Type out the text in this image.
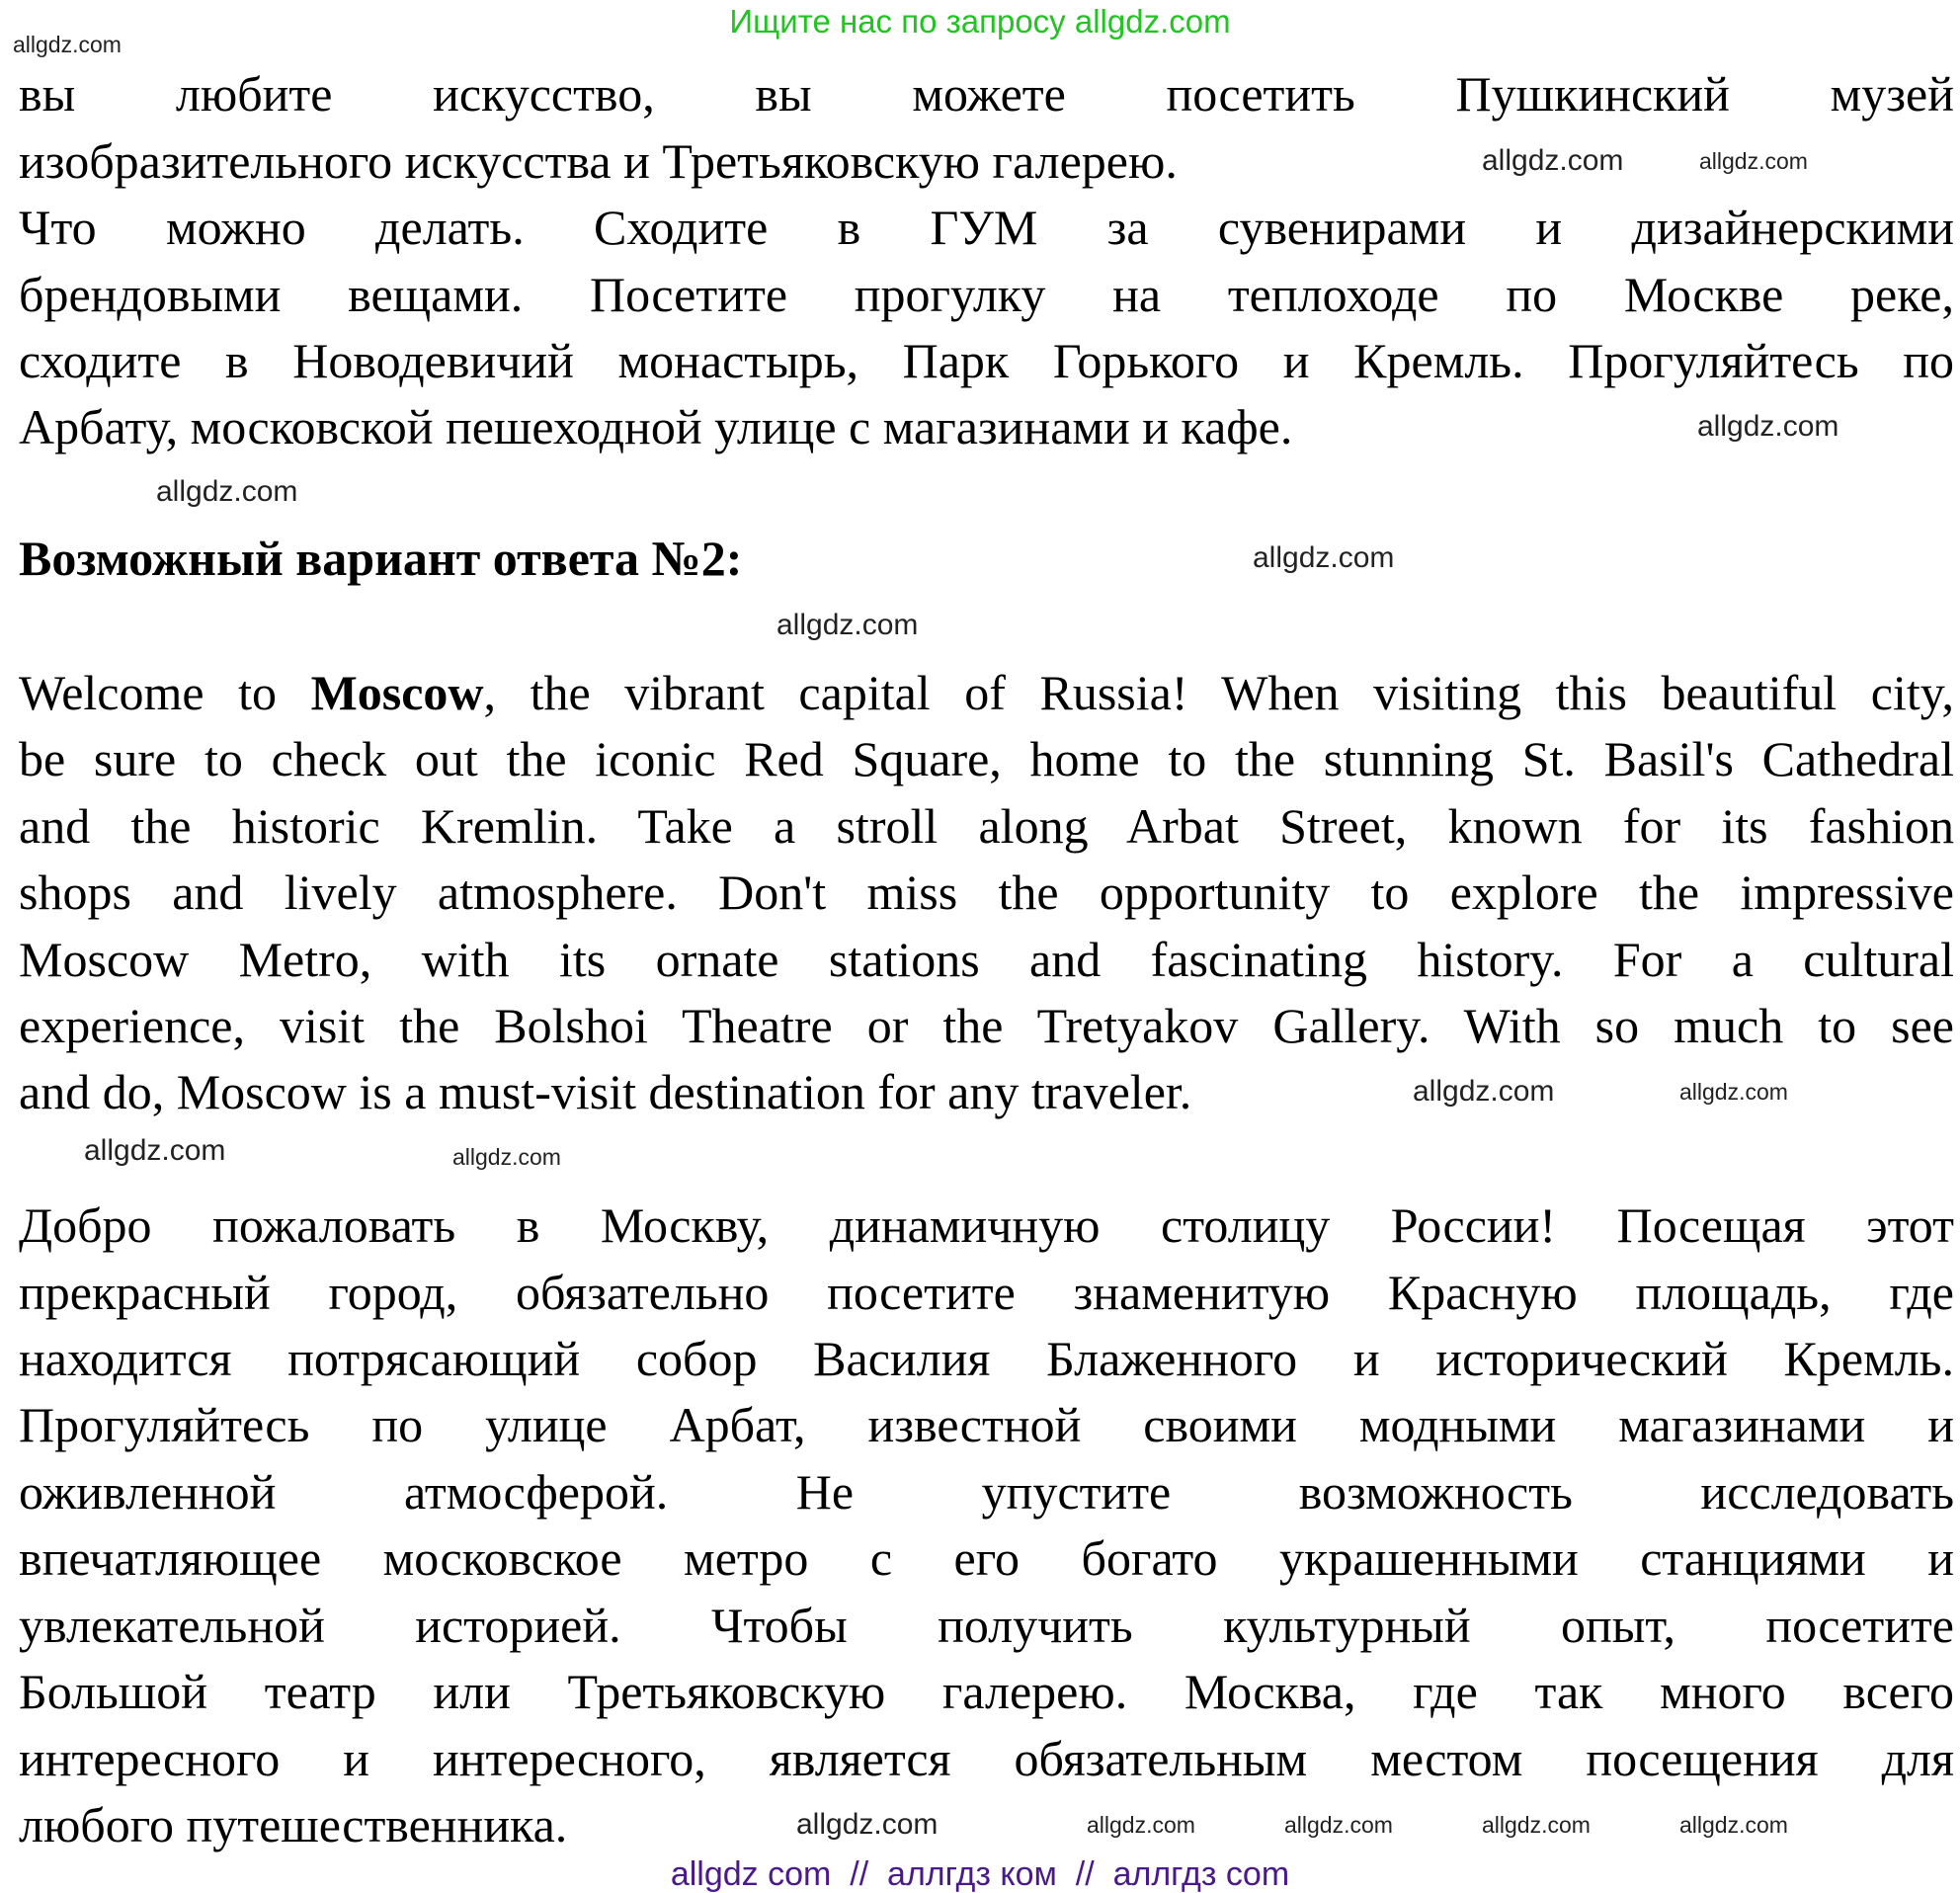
Ищите нас по запросу allgdz.com
вы любите искусство, вы можете посетить Пушкинский музей
изобразительного искусства и Третьяковскую галерею.
Что можно делать. Сходите в ГУМ за сувенирами и дизайнерскими
брендовыми вещами. Посетите прогулку на теплоходе по Москве реке,
сходите в Новодевичий монастырь, Парк Горького и Кремль. Прогуляйтесь по
Арбату, московской пешеходной улице с магазинами и кафе.
Welcome to Moscow, the vibrant capital of Russia! When visiting this beautiful city,
be sure to check out the iconic Red Square, home to the stunning St. Basil's Cathedral
and the historic Kremlin. Take a stroll along Arbat Street, known for its fashion
shops and lively atmosphere. Don't miss the opportunity to explore the impressive
Moscow Metro, with its ornate stations and fascinating history. For a cultural
experience, visit the Bolshoi Theatre or the Tretyakov Gallery. With so much to see
and do, Moscow is a must-visit destination for any traveler.
Добро пожаловать в Москву, динамичную столицу России! Посещая этот
прекрасный город, обязательно посетите знаменитую Красную площадь, где
находится потрясающий собор Василия Блаженного и исторический Кремль.
Прогуляйтесь по улице Арбат, известной своими модными магазинами и
оживленной атмосферой. Не упустите возможность исследовать
впечатляющее московское метро с его богато украшенными станциями и
увлекательной историей. Чтобы получить культурный опыт, посетите
Большой театр или Третьяковскую галерею. Москва, где так много всего
интересного и интересного, является обязательным местом посещения для
любого путешественника.
Возможный вариант ответа №2:
allgdz.com
allgdz.com	allgdz.com
allgdz.com
allgdz.com
allgdz.com
allgdz.com
allgdz.com
allgdz.com
allgdz.com
allgdz.com
allgdz.com	allgdz.com	allgdz.com	allgdz.com
allgdz.com
allgdz com  //  аллгдз ком  //  аллгдз com
